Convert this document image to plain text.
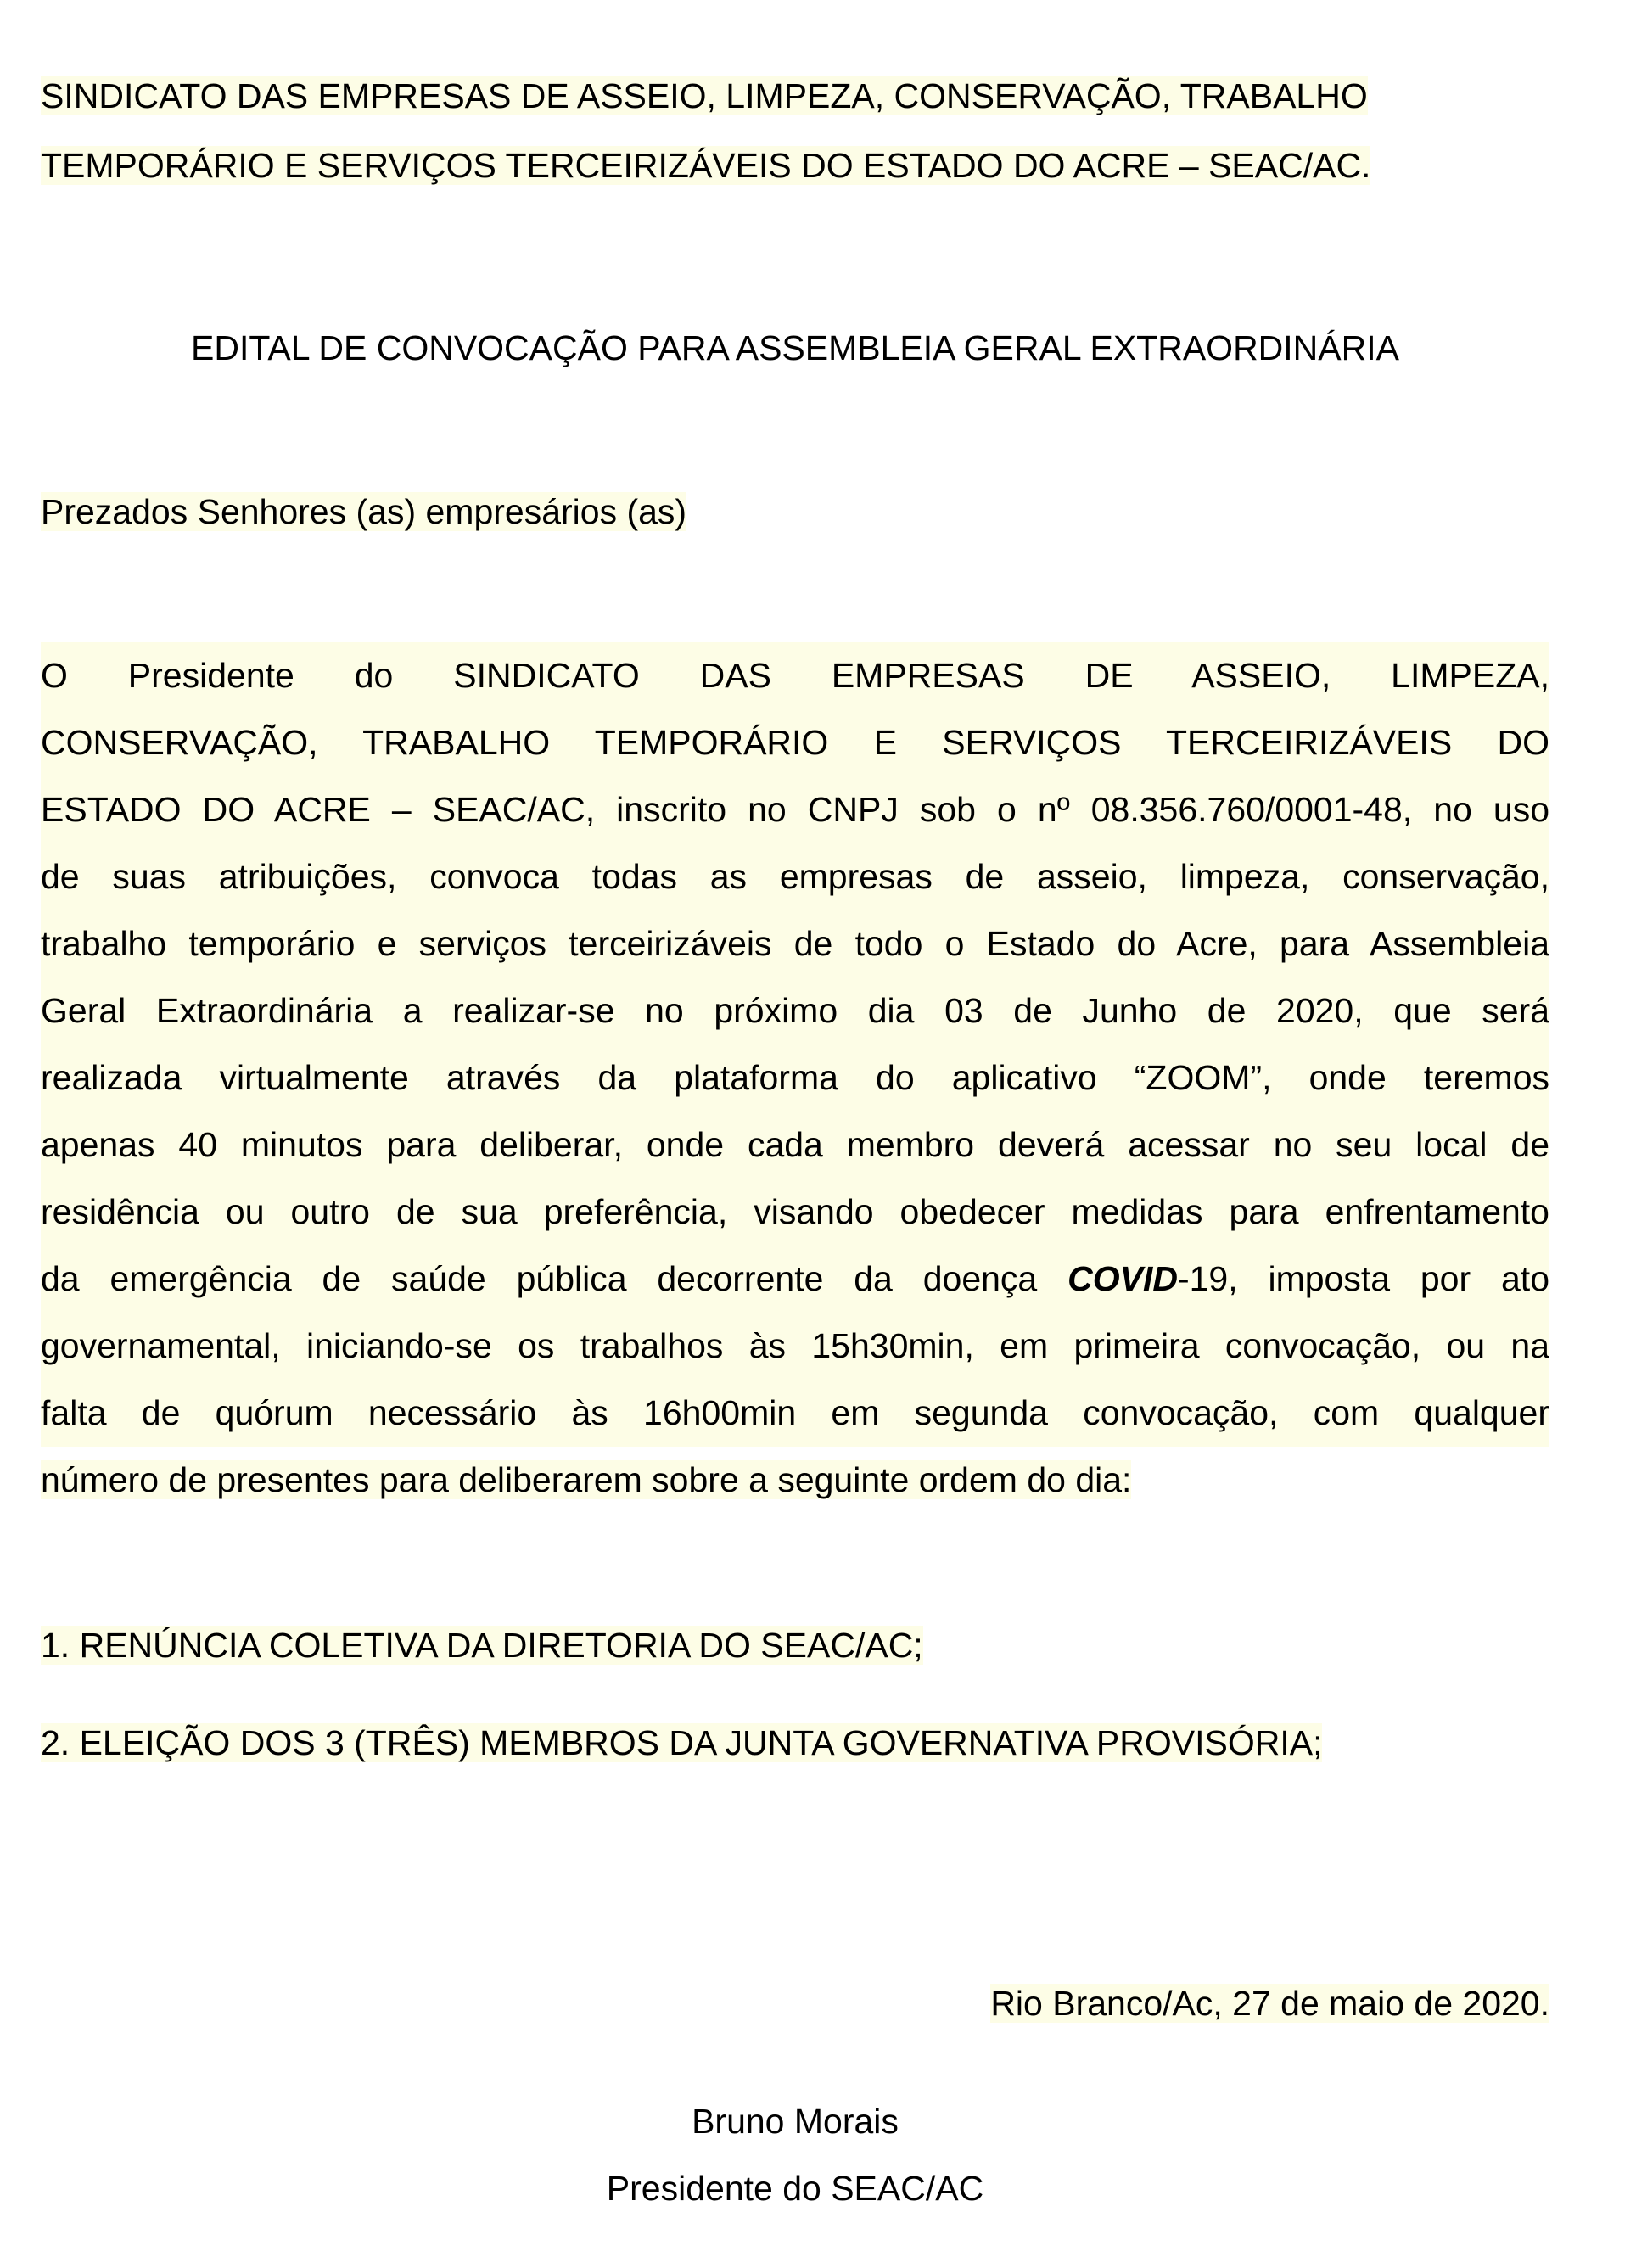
SINDICATO DAS EMPRESAS DE ASSEIO, LIMPEZA, CONSERVAÇÃO, TRABALHO
TEMPORÁRIO E SERVIÇOS TERCEIRIZÁVEIS DO ESTADO DO ACRE – SEAC/AC.
EDITAL DE CONVOCAÇÃO PARA ASSEMBLEIA GERAL EXTRAORDINÁRIA
Prezados Senhores (as) empresários (as)
O Presidente do SINDICATO DAS EMPRESAS DE ASSEIO, LIMPEZA,
CONSERVAÇÃO, TRABALHO TEMPORÁRIO E SERVIÇOS TERCEIRIZÁVEIS DO
ESTADO DO ACRE – SEAC/AC, inscrito no CNPJ sob o nº 08.356.760/0001-48, no uso
de suas atribuições, convoca todas as empresas de asseio, limpeza, conservação,
trabalho temporário e serviços terceirizáveis de todo o Estado do Acre, para Assembleia
Geral Extraordinária a realizar-se no próximo dia 03 de Junho de 2020, que será
realizada virtualmente através da plataforma do aplicativo “ZOOM”, onde teremos
apenas 40 minutos para deliberar, onde cada membro deverá acessar no seu local de
residência ou outro de sua preferência, visando obedecer medidas para enfrentamento
da emergência de saúde pública decorrente da doença COVID-19, imposta por ato
governamental, iniciando-se os trabalhos às 15h30min, em primeira convocação, ou na
falta de quórum necessário às 16h00min em segunda convocação, com qualquer
número de presentes para deliberarem sobre a seguinte ordem do dia:
1. RENÚNCIA COLETIVA DA DIRETORIA DO SEAC/AC;
2. ELEIÇÃO DOS 3 (TRÊS) MEMBROS DA JUNTA GOVERNATIVA PROVISÓRIA;
Rio Branco/Ac, 27 de maio de 2020.
Bruno Morais
Presidente do SEAC/AC
